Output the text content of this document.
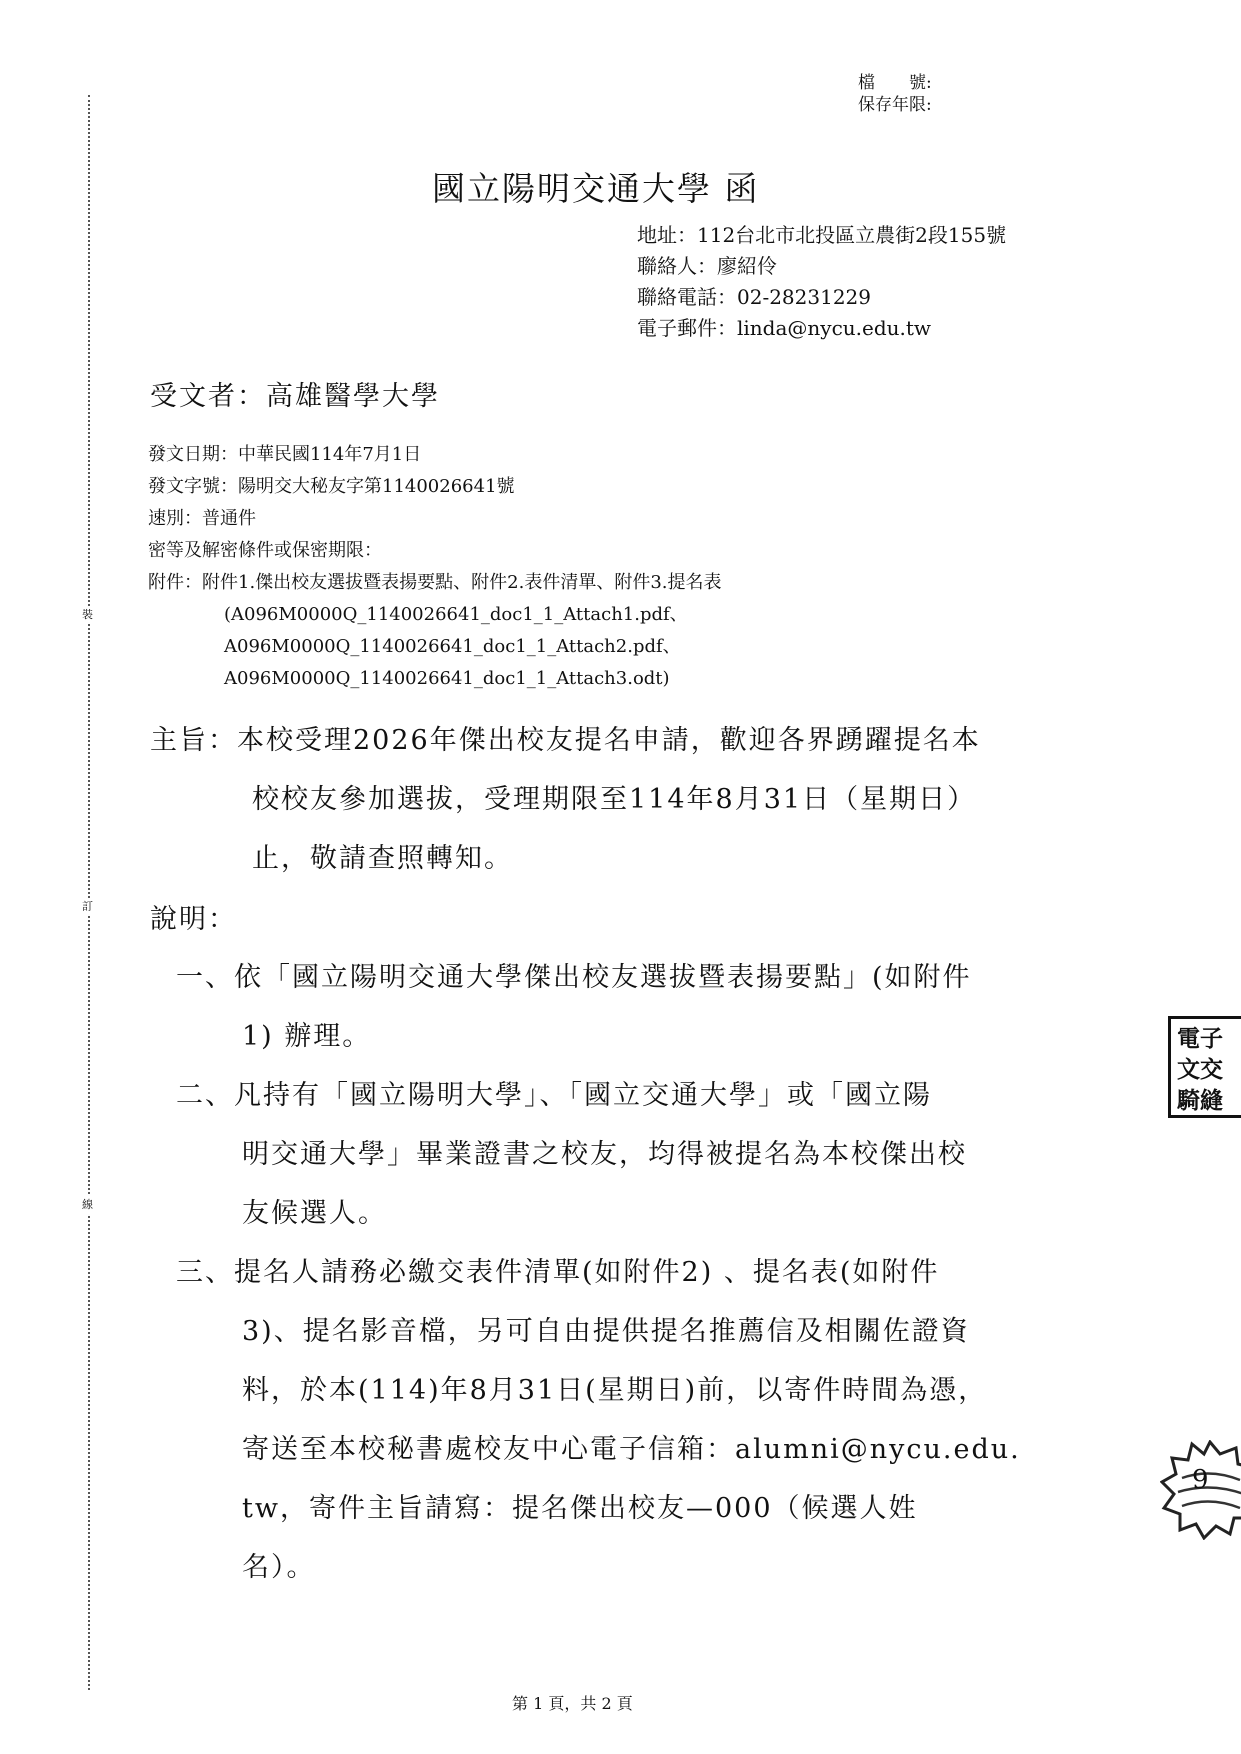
裝
訂
線
檔　　號:
保存年限:
國立陽明交通大學 函
地址：112台北市北投區立農街2段155號
聯絡人：廖紹伶
聯絡電話：02-28231229
電子郵件：linda@nycu.edu.tw
受文者：高雄醫學大學
發文日期：中華民國114年7月1日
發文字號：陽明交大秘友字第1140026641號
速別：普通件
密等及解密條件或保密期限：
附件：附件1.傑出校友選拔暨表揚要點、附件2.表件清單、附件3.提名表
(A096M0000Q_1140026641_doc1_1_Attach1.pdf、
A096M0000Q_1140026641_doc1_1_Attach2.pdf、
A096M0000Q_1140026641_doc1_1_Attach3.odt)
主旨：本校受理2026年傑出校友提名申請，歡迎各界踴躍提名本
校校友參加選拔，受理期限至114年8月31日（星期日）
止，敬請查照轉知。
說明：
一、依「國立陽明交通大學傑出校友選拔暨表揚要點」(如附件
1) 辦理。
二、凡持有「國立陽明大學」、「國立交通大學」或「國立陽
明交通大學」畢業證書之校友，均得被提名為本校傑出校
友候選人。
三、提名人請務必繳交表件清單(如附件2) 、提名表(如附件
3)、提名影音檔，另可自由提供提名推薦信及相關佐證資
料，於本(114)年8月31日(星期日)前，以寄件時間為憑，
寄送至本校秘書處校友中心電子信箱：alumni@nycu.edu.
tw，寄件主旨請寫：提名傑出校友—000（候選人姓
名）。
電子
文交
騎縫
9
第 1 頁，共 2 頁
